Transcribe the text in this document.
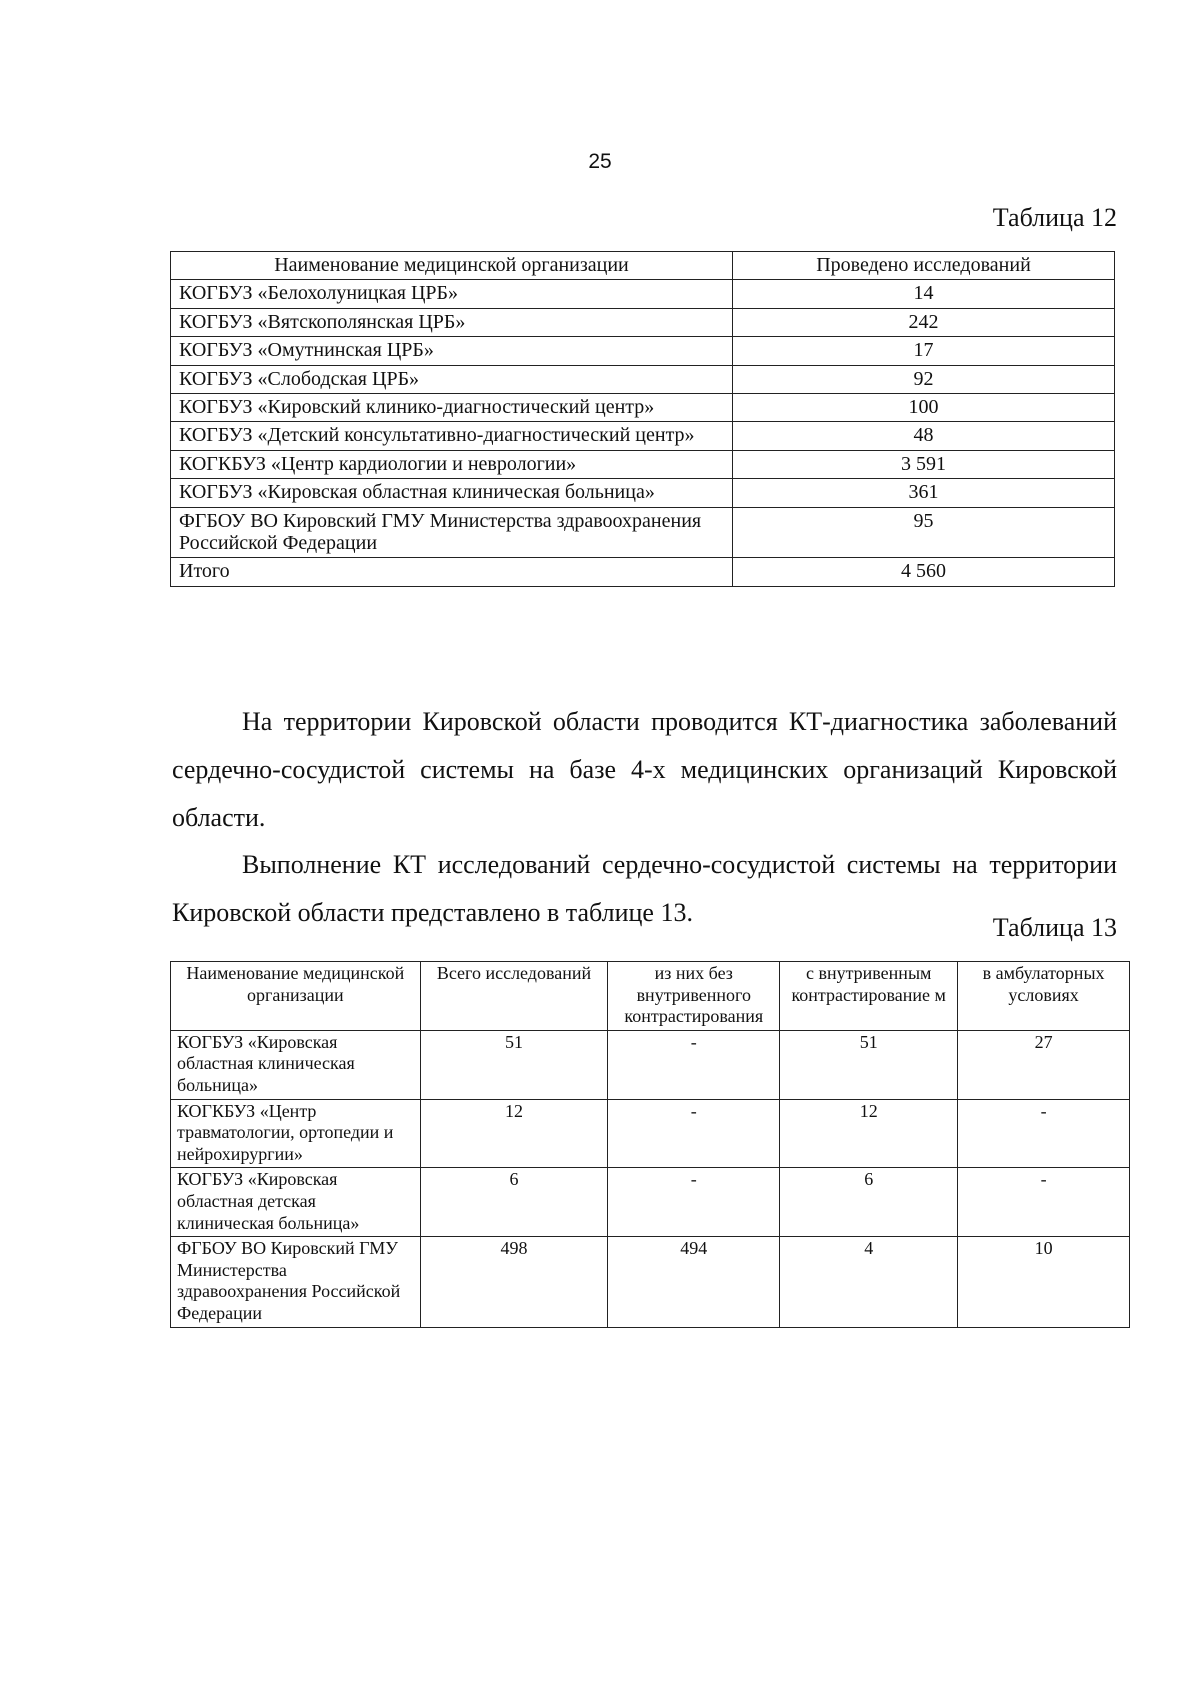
25
Таблица 12
Наименование медицинской организации	Проведено исследований
КОГБУЗ «Белохолуницкая ЦРБ»	14
КОГБУЗ «Вятскополянская ЦРБ»	242
КОГБУЗ «Омутнинская ЦРБ»	17
КОГБУЗ «Слободская ЦРБ»	92
КОГБУЗ «Кировский клинико-диагностический центр»	100
КОГБУЗ «Детский консультативно-диагностический центр»	48
КОГКБУЗ «Центр кардиологии и неврологии»	3 591
КОГБУЗ «Кировская областная клиническая больница»	361
ФГБОУ ВО Кировский ГМУ Министерства здравоохранения Российской Федерации	95
Итого	4 560

На территории Кировской области проводится КТ-диагностика заболеваний сердечно-сосудистой системы на базе 4-х медицинских организаций Кировской области.

Выполнение КТ исследований сердечно-сосудистой системы на территории Кировской области представлено в таблице 13.

Таблица 13
Наименование медицинской организации	Всего исследований	из них без внутривенного контрастирования	с внутривенным контрастирование м	в амбулаторных условиях
КОГБУЗ «Кировская областная клиническая больница»	51	-	51	27
КОГКБУЗ «Центр травматологии, ортопедии и нейрохирургии»	12	-	12	-
КОГБУЗ «Кировская областная детская клиническая больница»	6	-	6	-
ФГБОУ ВО Кировский ГМУ Министерства здравоохранения Российской Федерации	498	494	4	10
